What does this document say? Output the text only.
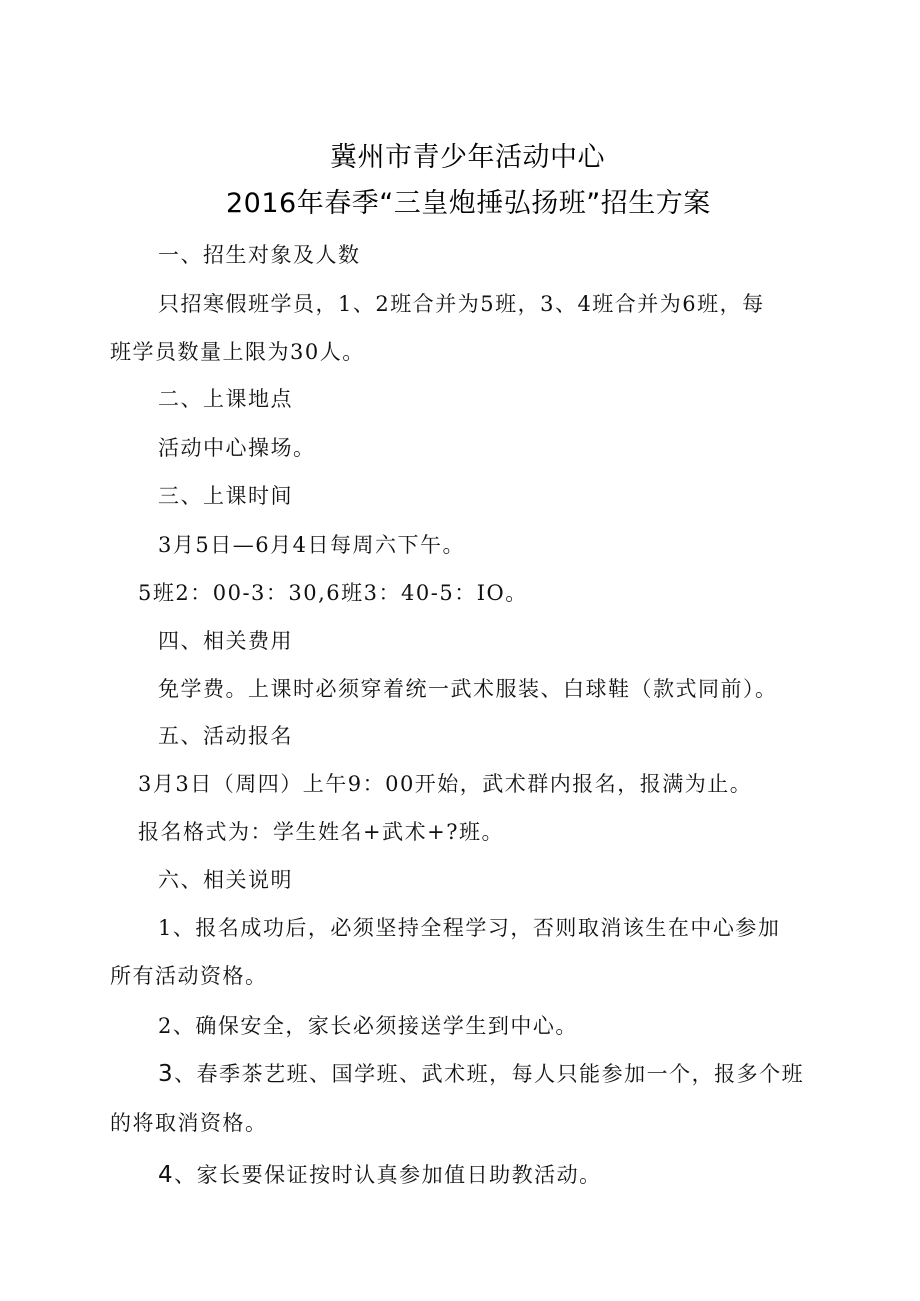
冀州市青少年活动中心
2016年春季“三皇炮捶弘扬班”招生方案
一、招生对象及人数
只招寒假班学员，1、2班合并为5班，3、4班合并为6班，每
班学员数量上限为30人。
二、上课地点
活动中心操场。
三、上课时间
3月5日—6月4日每周六下午。
5班2：00-3：30,6班3：40-5：IO。
四、相关费用
免学费。上课时必须穿着统一武术服装、白球鞋（款式同前）。
五、活动报名
3月3日（周四）上午9：00开始，武术群内报名，报满为止。
报名格式为：学生姓名+武术+?班。
六、相关说明
1、报名成功后，必须坚持全程学习，否则取消该生在中心参加
所有活动资格。
2、确保安全，家长必须接送学生到中心。
3、春季茶艺班、国学班、武术班，每人只能参加一个，报多个班
的将取消资格。
4、家长要保证按时认真参加值日助教活动。
